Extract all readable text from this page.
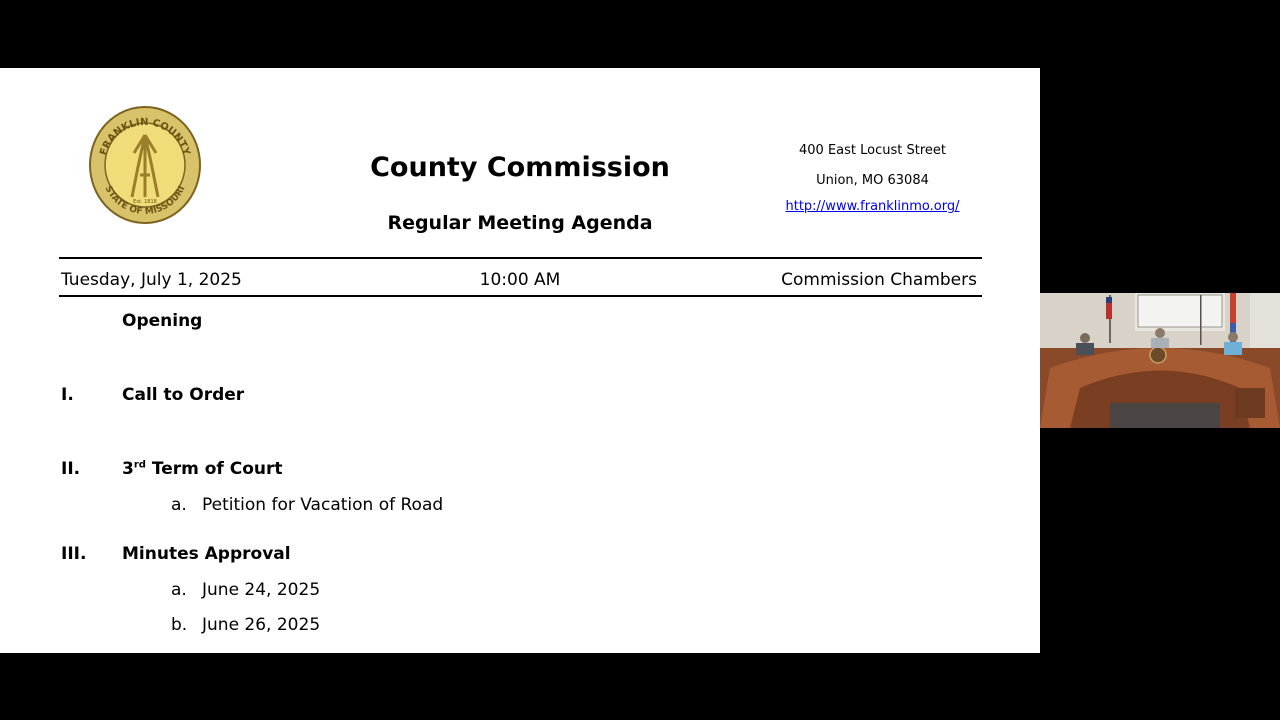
FRANKLIN COUNTY
STATE OF MISSOURI
Est. 1818
County Commission
Regular Meeting Agenda
400 East Locust Street
Union, MO 63084
http://www.franklinmo.org/
Tuesday, July 1, 2025	10:00 AM	Commission Chambers
Opening
I.	Call to Order
II. 3rd Term of Court
a. Petition for Vacation of Road
III. Minutes Approval
a. June 24, 2025
b. June 26, 2025
